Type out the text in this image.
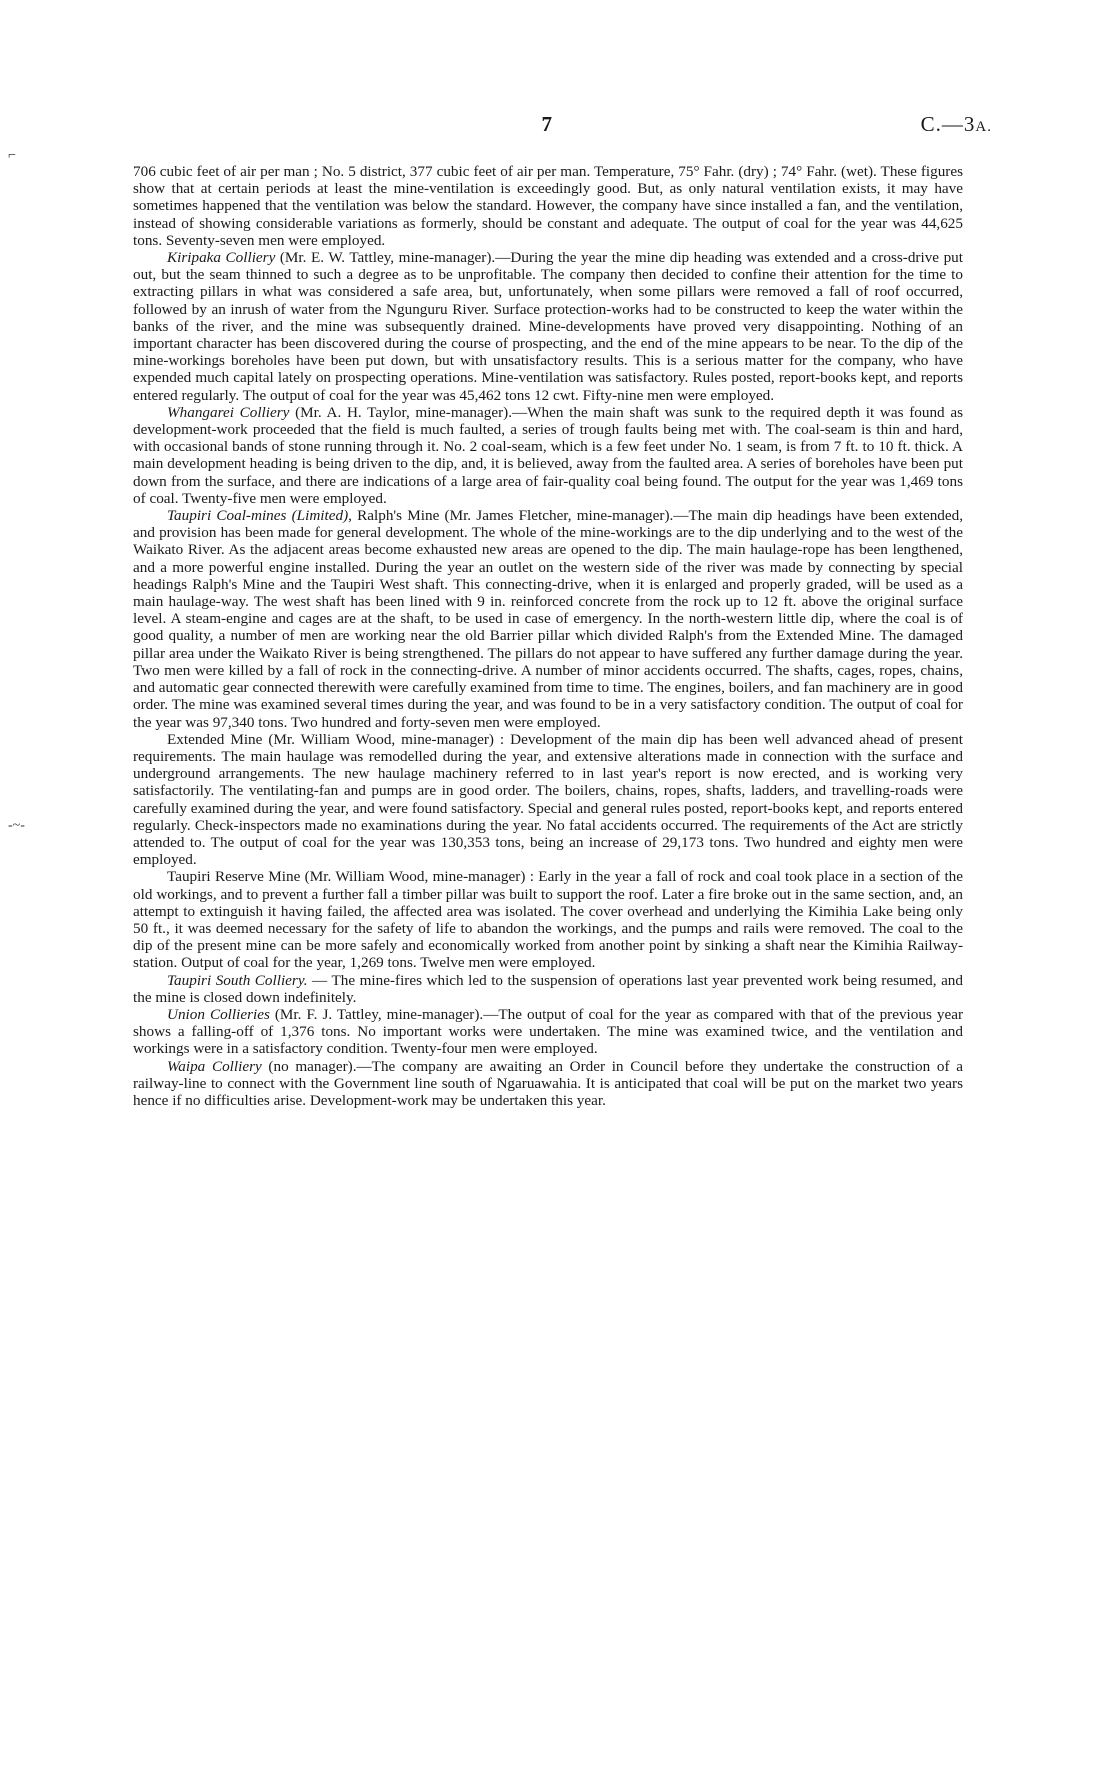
7	C.—3A.
⌐
-~-

706 cubic feet of air per man ; No. 5 district, 377 cubic feet of air per man. Temperature, 75° Fahr. (dry) ; 74° Fahr. (wet). These figures show that at certain periods at least the mine-ventilation is exceedingly good. But, as only natural ventilation exists, it may have sometimes happened that the ventilation was below the standard. However, the company have since installed a fan, and the ventilation, instead of showing considerable variations as formerly, should be constant and adequate. The output of coal for the year was 44,625 tons. Seventy-seven men were employed.

Kiripaka Colliery (Mr. E. W. Tattley, mine-manager).—During the year the mine dip heading was extended and a cross-drive put out, but the seam thinned to such a degree as to be unprofitable. The company then decided to confine their attention for the time to extracting pillars in what was considered a safe area, but, unfortunately, when some pillars were removed a fall of roof occurred, followed by an inrush of water from the Ngunguru River. Surface protection-works had to be constructed to keep the water within the banks of the river, and the mine was subsequently drained. Mine-developments have proved very disappointing. Nothing of an important character has been discovered during the course of prospecting, and the end of the mine appears to be near. To the dip of the mine-workings boreholes have been put down, but with unsatisfactory results. This is a serious matter for the company, who have expended much capital lately on prospecting operations. Mine-ventilation was satisfactory. Rules posted, report-books kept, and reports entered regularly. The output of coal for the year was 45,462 tons 12 cwt. Fifty-nine men were employed.

Whangarei Colliery (Mr. A. H. Taylor, mine-manager).—When the main shaft was sunk to the required depth it was found as development-work proceeded that the field is much faulted, a series of trough faults being met with. The coal-seam is thin and hard, with occasional bands of stone running through it. No. 2 coal-seam, which is a few feet under No. 1 seam, is from 7 ft. to 10 ft. thick. A main development heading is being driven to the dip, and, it is believed, away from the faulted area. A series of boreholes have been put down from the surface, and there are indications of a large area of fair-quality coal being found. The output for the year was 1,469 tons of coal. Twenty-five men were employed.

Taupiri Coal-mines (Limited), Ralph's Mine (Mr. James Fletcher, mine-manager).—The main dip headings have been extended, and provision has been made for general development. The whole of the mine-workings are to the dip underlying and to the west of the Waikato River. As the adjacent areas become exhausted new areas are opened to the dip. The main haulage-rope has been lengthened, and a more powerful engine installed. During the year an outlet on the western side of the river was made by connecting by special headings Ralph's Mine and the Taupiri West shaft. This connecting-drive, when it is enlarged and properly graded, will be used as a main haulage-way. The west shaft has been lined with 9 in. reinforced concrete from the rock up to 12 ft. above the original surface level. A steam-engine and cages are at the shaft, to be used in case of emergency. In the north-western little dip, where the coal is of good quality, a number of men are working near the old Barrier pillar which divided Ralph's from the Extended Mine. The damaged pillar area under the Waikato River is being strengthened. The pillars do not appear to have suffered any further damage during the year. Two men were killed by a fall of rock in the connecting-drive. A number of minor accidents occurred. The shafts, cages, ropes, chains, and automatic gear connected therewith were carefully examined from time to time. The engines, boilers, and fan machinery are in good order. The mine was examined several times during the year, and was found to be in a very satisfactory condition. The output of coal for the year was 97,340 tons. Two hundred and forty-seven men were employed.

Extended Mine (Mr. William Wood, mine-manager) : Development of the main dip has been well advanced ahead of present requirements. The main haulage was remodelled during the year, and extensive alterations made in connection with the surface and underground arrangements. The new haulage machinery referred to in last year's report is now erected, and is working very satisfactorily. The ventilating-fan and pumps are in good order. The boilers, chains, ropes, shafts, ladders, and travelling-roads were carefully examined during the year, and were found satisfactory. Special and general rules posted, report-books kept, and reports entered regularly. Check-inspectors made no examinations during the year. No fatal accidents occurred. The requirements of the Act are strictly attended to. The output of coal for the year was 130,353 tons, being an increase of 29,173 tons. Two hundred and eighty men were employed.

Taupiri Reserve Mine (Mr. William Wood, mine-manager) : Early in the year a fall of rock and coal took place in a section of the old workings, and to prevent a further fall a timber pillar was built to support the roof. Later a fire broke out in the same section, and, an attempt to extinguish it having failed, the affected area was isolated. The cover overhead and underlying the Kimihia Lake being only 50 ft., it was deemed necessary for the safety of life to abandon the workings, and the pumps and rails were removed. The coal to the dip of the present mine can be more safely and economically worked from another point by sinking a shaft near the Kimihia Railway-station. Output of coal for the year, 1,269 tons. Twelve men were employed.

Taupiri South Colliery. — The mine-fires which led to the suspension of operations last year prevented work being resumed, and the mine is closed down indefinitely.

Union Collieries (Mr. F. J. Tattley, mine-manager).—The output of coal for the year as compared with that of the previous year shows a falling-off of 1,376 tons. No important works were undertaken. The mine was examined twice, and the ventilation and workings were in a satisfactory condition. Twenty-four men were employed.

Waipa Colliery (no manager).—The company are awaiting an Order in Council before they undertake the construction of a railway-line to connect with the Government line south of Ngaruawahia. It is anticipated that coal will be put on the market two years hence if no difficulties arise. Development-work may be undertaken this year.
